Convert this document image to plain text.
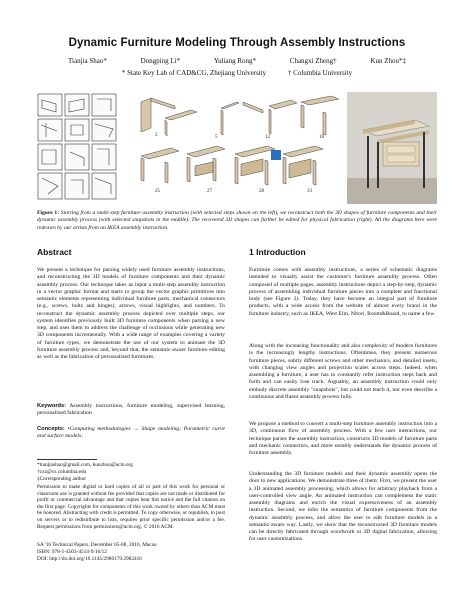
Dynamic Furniture Modeling Through Assembly Instructions
Tianjia Shao*	Dongping Li*	Yuliang Rong*	Changxi Zheng†	Kun Zhou*‡
* State Key Lab of CAD&CG, Zhejiang University	† Columbia University
2	5	12	18
25	27	28	33
Figure 1: Starting from a multi-step furniture assembly instruction (with selected steps shown on the left), we reconstruct both the 3D shapes of furniture components and their dynamic assembly process (with selected snapshots in the middle). The recovered 3D shapes can further be edited for physical fabrication (right). All the diagrams here were redrawn by our artists from an IKEA assembly instruction.
Abstract
We present a technique for parsing widely used furniture assembly instructions, and reconstructing the 3D models of furniture components and their dynamic assembly process. Our technique takes as input a multi-step assembly instruction in a vector graphic format and starts to group the vector graphic primitives into semantic elements representing individual furniture parts, mechanical connectors (e.g., screws, bolts and hinges), arrows, visual highlights, and numbers. To reconstruct the dynamic assembly process depicted over multiple steps, our system identifies previously built 3D furniture components when parsing a new step, and uses them to address the challenge of occlusions while generating new 3D components incrementally. With a wide range of examples covering a variety of furniture types, we demonstrate the use of our system to animate the 3D furniture assembly process and, beyond that, the semantic-aware furniture editing as well as the fabrication of personalized furnitures.
Keywords: Assembly instructions, furniture modeling, supervised learning, personalized fabrication
Concepts: •Computing methodologies → Shape modeling; Parametric curve and surface models;
*tianjiashao@gmail.com, kunzhou@acm.org
†cxz@cs.columbia.edu
‡Corresponding author
Permission to make digital or hard copies of all or part of this work for personal or classroom use is granted without fee provided that copies are not made or distributed for profit or commercial advantage and that copies bear this notice and the full citation on the first page. Copyrights for components of this work owned by others than ACM must be honored. Abstracting with credit is permitted. To copy otherwise, or republish, to post on servers or to redistribute to lists, requires prior specific permission and/or a fee. Request permissions from permissions@acm.org. © 2016 ACM.
SA '16 Technical Papers, December 05-08, 2016, Macao
ISBN: 978-1-4503-4514-9/16/12
DOI: http://dx.doi.org/10.1145/2980179.2982416
1 Introduction
Furniture comes with assembly instructions, a series of schematic diagrams intended to visually assist the customer's furniture assembly process. Often composed of multiple pages, assembly instructions depict a step-by-step, dynamic process of assembling individual furniture pieces into a complete and functional body (see Figure 2). Today, they have become an integral part of furniture products, with a wide access from the website of almost every brand in the furniture industry, such as IKEA, West Elm, Nitori, Room&Board, to name a few.
Along with the increasing functionality and also complexity of modern furnitures is the increasingly lengthy instructions. Oftentimes, they present numerous furniture pieces, subtly different screws and other mechanics, and detailed insets, with changing view angles and projection scales across steps. Indeed, when assembling a furniture, a user has to constantly refer instruction steps back and forth and can easily lose track. Arguably, an assembly instruction could only embody discrete assembly "snapshots", but could not teach it, nor even describe a continuous and fluent assembly process fully.
We propose a method to convert a multi-step furniture assembly instruction into a 3D, continuous flow of assembly process. With a few user interactions, our technique parses the assembly instruction, constructs 3D models of furniture parts and mechanic connectors, and more notably understands the dynamic process of furniture assembly.
Understanding the 3D furniture models and their dynamic assembly opens the door to new applications. We demonstrate three of them: First, we present the user a 3D animated assembly processing, which allows for arbitrary playback from a user-controlled view angle. An animated instruction can complement the static assembly diagrams and enrich the visual expressiveness of an assembly instruction. Second, we infer the semantics of furniture components from the dynamic assembly process, and allow the user to edit furniture models in a semantic-aware way. Lastly, we show that the reconstructed 3D furniture models can be directly fabricated through woodwork or 3D digital fabrication, allowing for user customizations.
